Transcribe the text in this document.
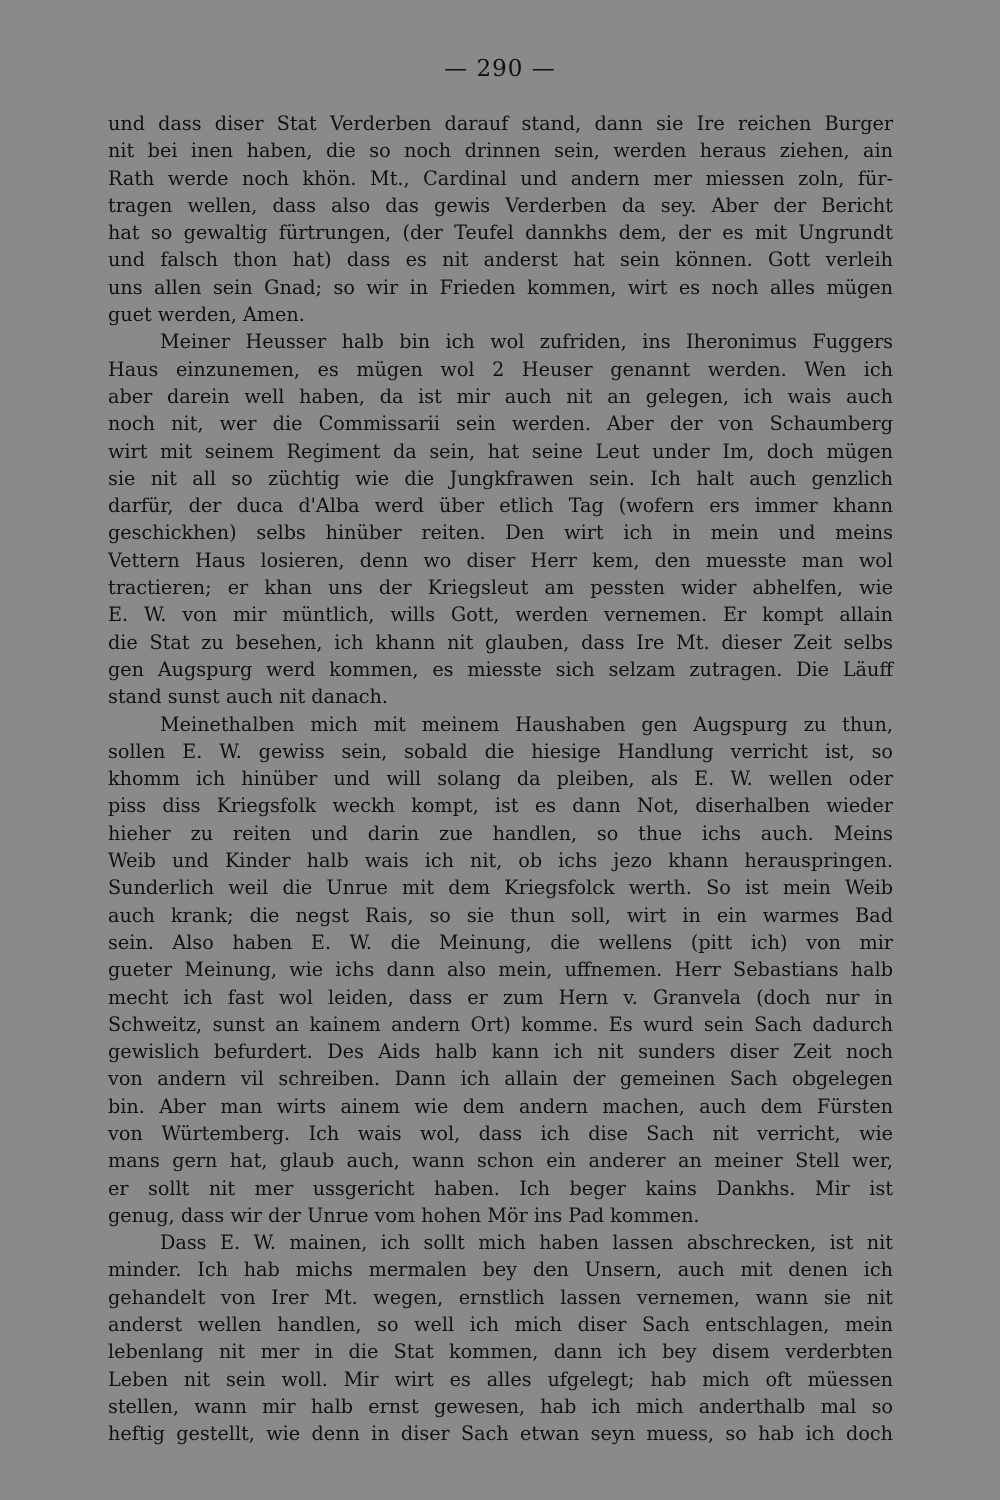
— 290 —
und dass diser Stat Verderben darauf stand, dann sie Ire reichen Burger
nit bei inen haben, die so noch drinnen sein, werden heraus ziehen, ain
Rath werde noch khön. Mt., Cardinal und andern mer miessen zoln, für-
tragen wellen, dass also das gewis Verderben da sey. Aber der Bericht
hat so gewaltig fürtrungen, (der Teufel dannkhs dem, der es mit Ungrundt
und falsch thon hat) dass es nit anderst hat sein können. Gott verleih
uns allen sein Gnad; so wir in Frieden kommen, wirt es noch alles mügen
guet werden, Amen.
Meiner Heusser halb bin ich wol zufriden, ins Iheronimus Fuggers
Haus einzunemen, es mügen wol 2 Heuser genannt werden. Wen ich
aber darein well haben, da ist mir auch nit an gelegen, ich wais auch
noch nit, wer die Commissarii sein werden. Aber der von Schaumberg
wirt mit seinem Regiment da sein, hat seine Leut under Im, doch mügen
sie nit all so züchtig wie die Jungkfrawen sein. Ich halt auch genzlich
darfür, der duca d'Alba werd über etlich Tag (wofern ers immer khann
geschickhen) selbs hinüber reiten. Den wirt ich in mein und meins
Vettern Haus losieren, denn wo diser Herr kem, den muesste man wol
tractieren; er khan uns der Kriegsleut am pessten wider abhelfen, wie
E. W. von mir müntlich, wills Gott, werden vernemen. Er kompt allain
die Stat zu besehen, ich khann nit glauben, dass Ire Mt. dieser Zeit selbs
gen Augspurg werd kommen, es miesste sich selzam zutragen. Die Läuff
stand sunst auch nit danach.
Meinethalben mich mit meinem Haushaben gen Augspurg zu thun,
sollen E. W. gewiss sein, sobald die hiesige Handlung verricht ist, so
khomm ich hinüber und will solang da pleiben, als E. W. wellen oder
piss diss Kriegsfolk weckh kompt, ist es dann Not, diserhalben wieder
hieher zu reiten und darin zue handlen, so thue ichs auch. Meins
Weib und Kinder halb wais ich nit, ob ichs jezo khann herauspringen.
Sunderlich weil die Unrue mit dem Kriegsfolck werth. So ist mein Weib
auch krank; die negst Rais, so sie thun soll, wirt in ein warmes Bad
sein. Also haben E. W. die Meinung, die wellens (pitt ich) von mir
gueter Meinung, wie ichs dann also mein, uffnemen. Herr Sebastians halb
mecht ich fast wol leiden, dass er zum Hern v. Granvela (doch nur in
Schweitz, sunst an kainem andern Ort) komme. Es wurd sein Sach dadurch
gewislich befurdert. Des Aids halb kann ich nit sunders diser Zeit noch
von andern vil schreiben. Dann ich allain der gemeinen Sach obgelegen
bin. Aber man wirts ainem wie dem andern machen, auch dem Fürsten
von Würtemberg. Ich wais wol, dass ich dise Sach nit verricht, wie
mans gern hat, glaub auch, wann schon ein anderer an meiner Stell wer,
er sollt nit mer ussgericht haben. Ich beger kains Dankhs. Mir ist
genug, dass wir der Unrue vom hohen Mör ins Pad kommen.
Dass E. W. mainen, ich sollt mich haben lassen abschrecken, ist nit
minder. Ich hab michs mermalen bey den Unsern, auch mit denen ich
gehandelt von Irer Mt. wegen, ernstlich lassen vernemen, wann sie nit
anderst wellen handlen, so well ich mich diser Sach entschlagen, mein
lebenlang nit mer in die Stat kommen, dann ich bey disem verderbten
Leben nit sein woll. Mir wirt es alles ufgelegt; hab mich oft müessen
stellen, wann mir halb ernst gewesen, hab ich mich anderthalb mal so
heftig gestellt, wie denn in diser Sach etwan seyn muess, so hab ich doch
